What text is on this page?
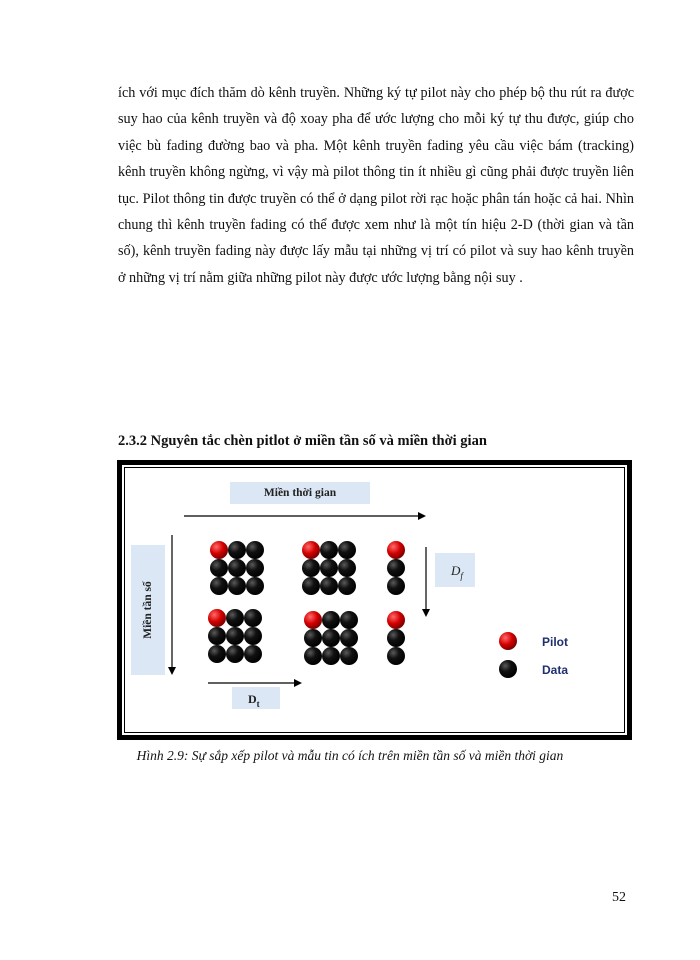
ích với mục đích thăm dò kênh truyền. Những ký tự pilot này cho phép bộ thu rút ra được suy hao của kênh truyền và độ xoay pha để ước lượng cho mỗi ký tự thu được, giúp cho việc bù fading đường bao và pha. Một kênh truyền fading yêu cầu việc bám (tracking) kênh truyền không ngừng, vì vậy mà pilot thông tin ít nhiều gì cũng phải được truyền liên tục. Pilot thông tin được truyền có thể ở dạng pilot rời rạc hoặc phân tán hoặc cả hai. Nhìn chung thì kênh truyền fading có thể được xem như là một tín hiệu 2-D (thời gian và tần số), kênh truyền fading này được lấy mẫu tại những vị trí có pilot và suy hao kênh truyền ở những vị trí nằm giữa những pilot này được ước lượng bằng nội suy .

2.3.2 Nguyên tắc chèn pitlot ở miền tần số và miền thời gian
Miền thời gian
Miền tần số
$D_f$
$D_t$
Pilot
Data

Hình 2.9: Sự sắp xếp pilot và mẫu tin có ích trên miền tần số và miền thời gian

52
